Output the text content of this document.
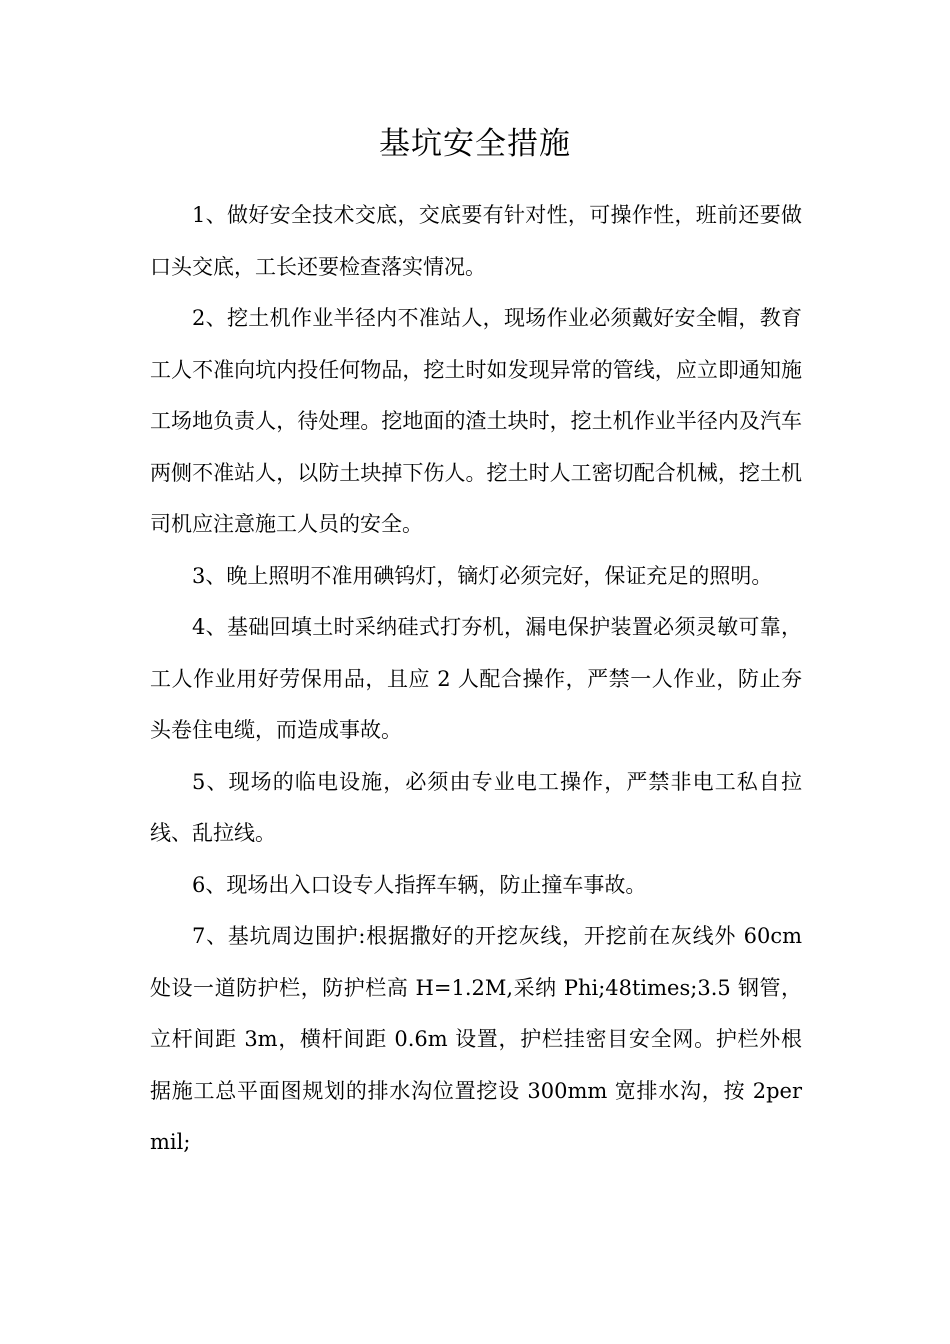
基坑安全措施

1、做好安全技术交底，交底要有针对性，可操作性，班前还要做口头交底，工长还要检查落实情况。

2、挖土机作业半径内不准站人，现场作业必须戴好安全帽，教育工人不准向坑内投任何物品，挖土时如发现异常的管线，应立即通知施工场地负责人，待处理。挖地面的渣土块时，挖土机作业半径内及汽车两侧不准站人，以防土块掉下伤人。挖土时人工密切配合机械，挖土机司机应注意施工人员的安全。

3、晚上照明不准用碘钨灯，镝灯必须完好，保证充足的照明。

4、基础回填土时采纳硅式打夯机，漏电保护装置必须灵敏可靠，工人作业用好劳保用品，且应 2 人配合操作，严禁一人作业，防止夯头卷住电缆，而造成事故。

5、现场的临电设施，必须由专业电工操作，严禁非电工私自拉线、乱拉线。

6、现场出入口设专人指挥车辆，防止撞车事故。

7、基坑周边围护:根据撒好的开挖灰线，开挖前在灰线外 60cm 处设一道防护栏，防护栏高 H=1.2M,采纳 Phi;48times;3.5 钢管，立杆间距 3m，横杆间距 0.6m 设置，护栏挂密目安全网。护栏外根据施工总平面图规划的排水沟位置挖设 300mm 宽排水沟，按 2permil;
